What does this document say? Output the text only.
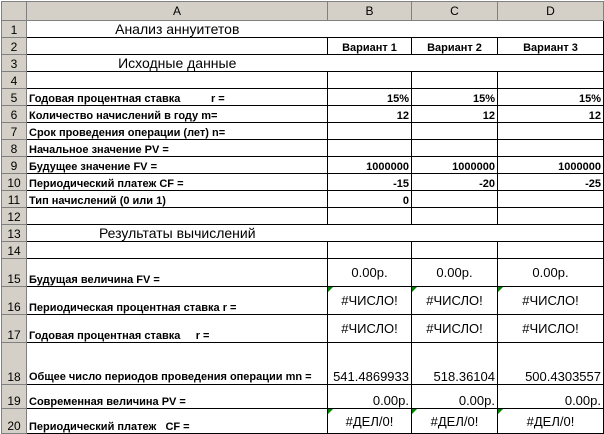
	A	B	C	D
1	Анализ аннуитетов			
2		Вариант 1	Вариант 2	Вариант 3
3	Исходные данные			
4				
5	Годовая процентная ставка          r =	15%	15%	15%
6	Количество начислений в году m=	12	12	12
7	Срок проведения операции (лет) n=			
8	Начальное значение PV =			
9	Будущее значение FV =	1000000	1000000	1000000
10	Периодический платеж CF =	-15	-20	-25
11	Тип начислений (0 или 1)	0		
12				
13	Результаты вычислений			
14				
15	Будущая величина FV =	0.00р.	0.00р.	0.00р.
16	Периодическая процентная ставка r =	#ЧИСЛО!	#ЧИСЛО!	#ЧИСЛО!
17	Годовая процентная ставка     r =	#ЧИСЛО!	#ЧИСЛО!	#ЧИСЛО!
18	Общее число периодов проведения операции mn =	541.4869933	518.36104	500.4303557
19	Современная величина PV =	0.00р.	0.00р.	0.00р.
20	Периодический платеж   CF =	#ДЕЛ/0!	#ДЕЛ/0!	#ДЕЛ/0!
